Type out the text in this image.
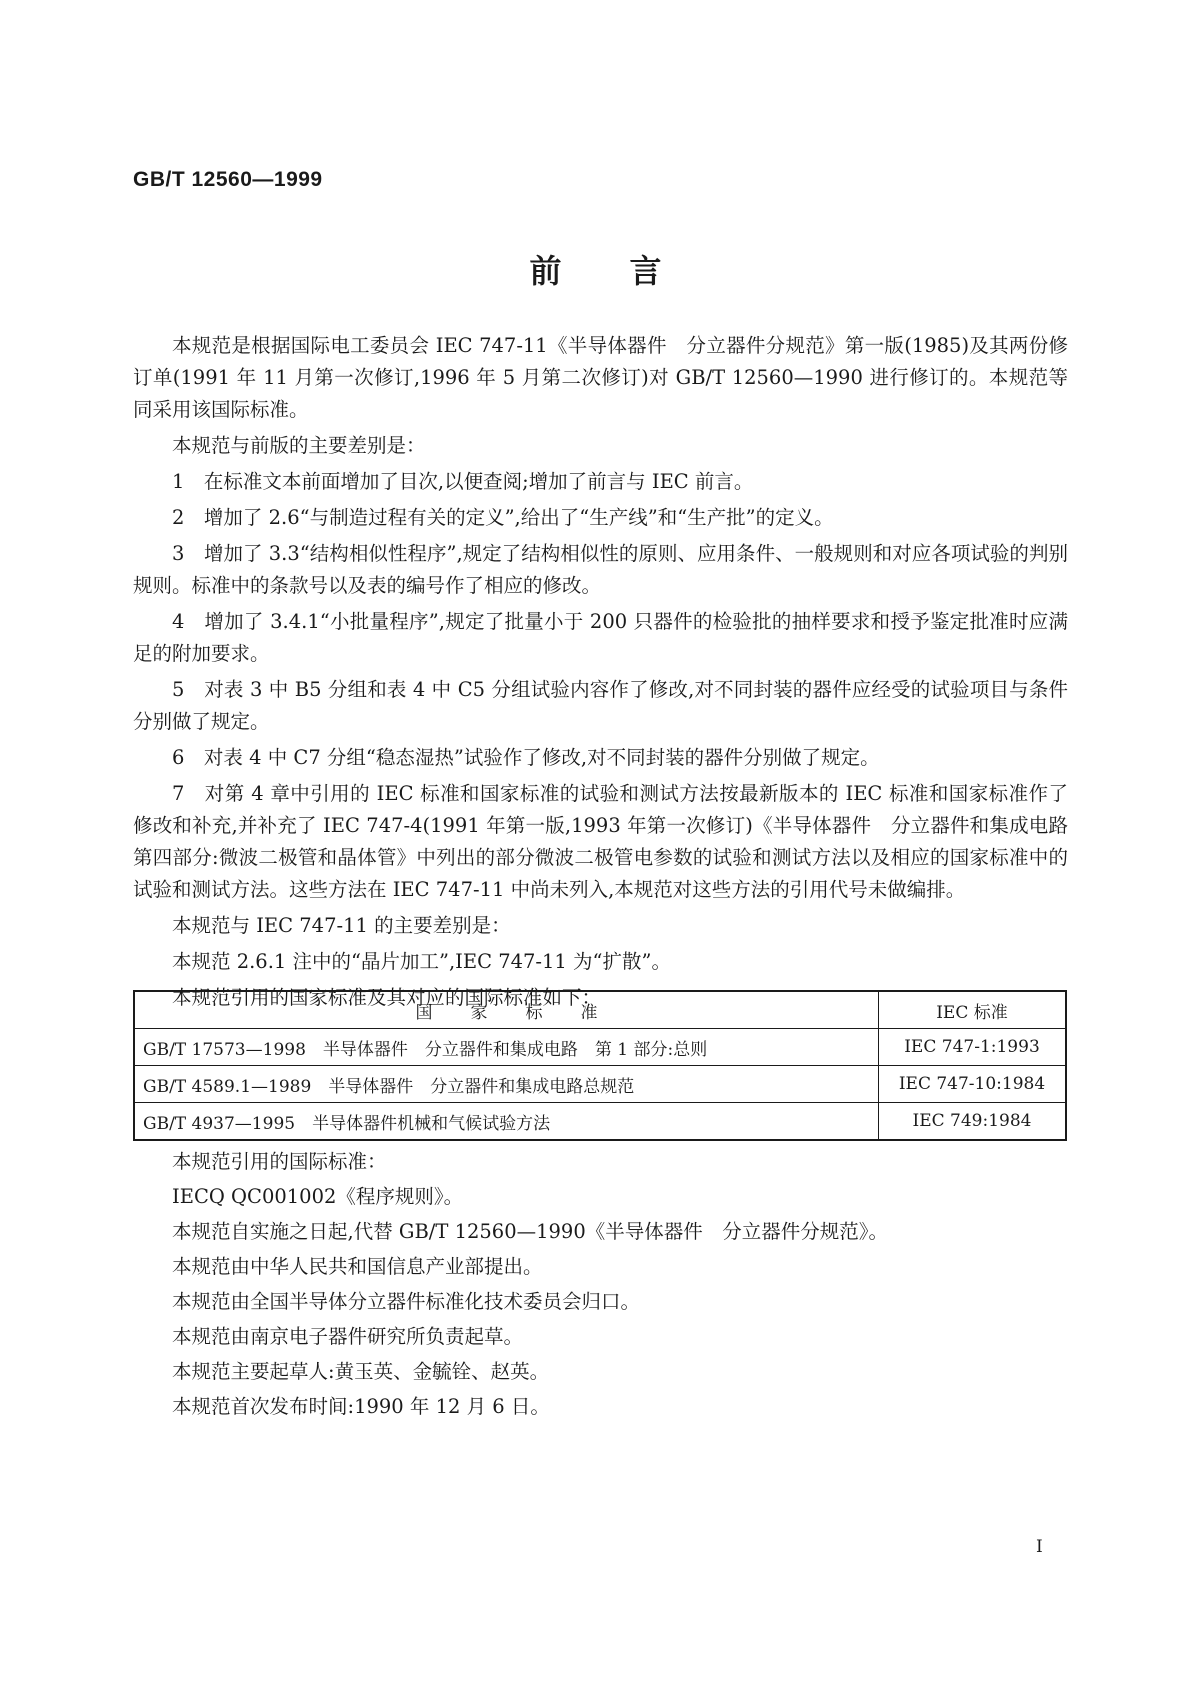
GB/T 12560—1999
前言

本规范是根据国际电工委员会 IEC 747-11《半导体器件　分立器件分规范》第一版(1985)及其两份修订单(1991 年 11 月第一次修订,1996 年 5 月第二次修订)对 GB/T 12560—1990 进行修订的。本规范等同采用该国际标准。

本规范与前版的主要差别是：

1　在标准文本前面增加了目次,以便查阅;增加了前言与 IEC 前言。

2　增加了 2.6“与制造过程有关的定义”,给出了“生产线”和“生产批”的定义。

3　增加了 3.3“结构相似性程序”,规定了结构相似性的原则、应用条件、一般规则和对应各项试验的判别规则。标准中的条款号以及表的编号作了相应的修改。

4　增加了 3.4.1“小批量程序”,规定了批量小于 200 只器件的检验批的抽样要求和授予鉴定批准时应满足的附加要求。

5　对表 3 中 B5 分组和表 4 中 C5 分组试验内容作了修改,对不同封装的器件应经受的试验项目与条件分别做了规定。

6　对表 4 中 C7 分组“稳态湿热”试验作了修改,对不同封装的器件分别做了规定。

7　对第 4 章中引用的 IEC 标准和国家标准的试验和测试方法按最新版本的 IEC 标准和国家标准作了修改和补充,并补充了 IEC 747-4(1991 年第一版,1993 年第一次修订)《半导体器件　分立器件和集成电路　第四部分:微波二极管和晶体管》中列出的部分微波二极管电参数的试验和测试方法以及相应的国家标准中的试验和测试方法。这些方法在 IEC 747-11 中尚未列入,本规范对这些方法的引用代号未做编排。

本规范与 IEC 747-11 的主要差别是：

本规范 2.6.1 注中的“晶片加工”,IEC 747-11 为“扩散”。

本规范引用的国家标准及其对应的国际标准如下：

国家标准	IEC 标准
GB/T 17573—1998　半导体器件　分立器件和集成电路　第 1 部分:总则	IEC 747-1:1993
GB/T 4589.1—1989　半导体器件　分立器件和集成电路总规范	IEC 747-10:1984
GB/T 4937—1995　半导体器件机械和气候试验方法	IEC 749:1984

本规范引用的国际标准：

IECQ QC001002《程序规则》。

本规范自实施之日起,代替 GB/T 12560—1990《半导体器件　分立器件分规范》。

本规范由中华人民共和国信息产业部提出。

本规范由全国半导体分立器件标准化技术委员会归口。

本规范由南京电子器件研究所负责起草。

本规范主要起草人:黄玉英、金毓铨、赵英。

本规范首次发布时间:1990 年 12 月 6 日。

I
